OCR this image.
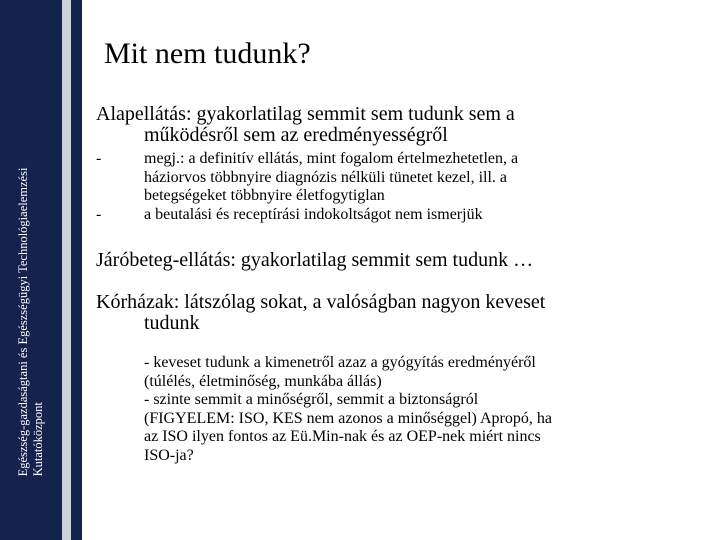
Egészség-gazdaságtani és Egészségügyi Technológiaelemzési Kutatóközpont
Mit nem tudunk?
Alapellátás: gyakorlatilag semmit sem tudunk sem a
működésről sem az eredményességről
-
-
megj.: a definitív ellátás, mint fogalom értelmezhetetlen, a
háziorvos többnyire diagnózis nélküli tünetet kezel, ill. a
betegségeket többnyire életfogytiglan
a beutalási és receptírási indokoltságot nem ismerjük
Járóbeteg-ellátás: gyakorlatilag semmit sem tudunk …
Kórházak: látszólag sokat, a valóságban nagyon keveset
tudunk
- keveset tudunk a kimenetről azaz a gyógyítás eredményéről
(túlélés, életminőség, munkába állás)
- szinte semmit a minőségről, semmit a biztonságról
(FIGYELEM: ISO, KES nem azonos a minőséggel) Apropó, ha
az ISO ilyen fontos az Eü.Min-nak és az OEP-nek miért nincs
ISO-ja?
